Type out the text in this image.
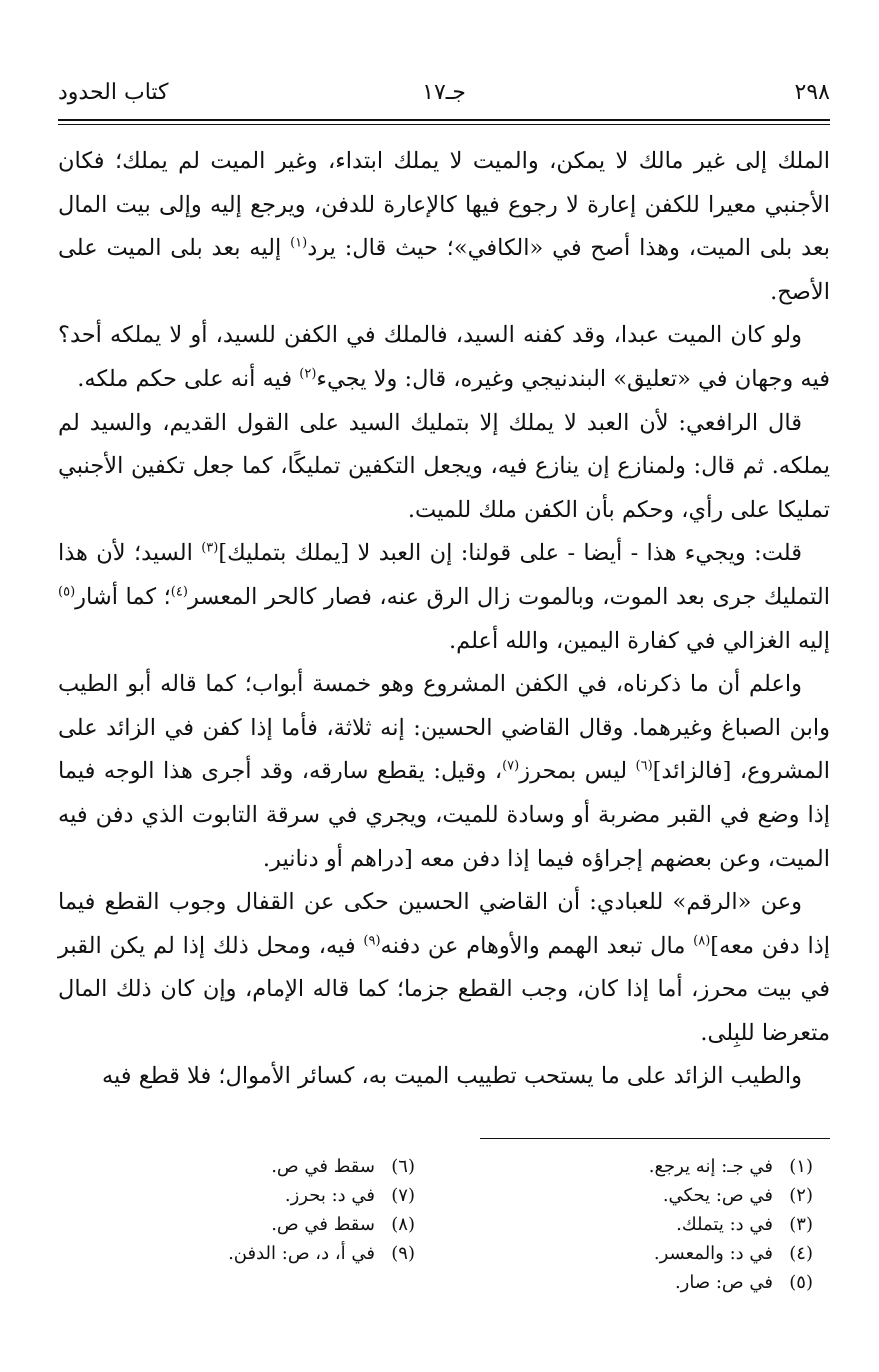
٢٩٨
جـ١٧
كتاب الحدود

الملك إلى غير مالك لا يمكن، والميت لا يملك ابتداء، وغير الميت لم يملك؛ فكان الأجنبي معيرا للكفن إعارة لا رجوع فيها كالإعارة للدفن، ويرجع إليه وإلى بيت المال بعد بلى الميت، وهذا أصح في «الكافي»؛ حيث قال: يرد$^{(١)}$ إليه بعد بلى الميت على الأصح.

ولو كان الميت عبدا، وقد كفنه السيد، فالملك في الكفن للسيد، أو لا يملكه أحد؟ فيه وجهان في «تعليق» البندنيجي وغيره، قال: ولا يجيء$^{(٢)}$ فيه أنه على حكم ملكه.

قال الرافعي: لأن العبد لا يملك إلا بتمليك السيد على القول القديم، والسيد لم يملكه. ثم قال: ولمنازع إن ينازع فيه، ويجعل التكفين تمليكًا، كما جعل تكفين الأجنبي تمليكا على رأي، وحكم بأن الكفن ملك للميت.

قلت: ويجيء هذا - أيضا - على قولنا: إن العبد لا [يملك بتمليك]$^{(٣)}$ السيد؛ لأن هذا التمليك جرى بعد الموت، وبالموت زال الرق عنه، فصار كالحر المعسر$^{(٤)}$؛ كما أشار$^{(٥)}$ إليه الغزالي في كفارة اليمين، والله أعلم.

واعلم أن ما ذكرناه، في الكفن المشروع وهو خمسة أبواب؛ كما قاله أبو الطيب وابن الصباغ وغيرهما. وقال القاضي الحسين: إنه ثلاثة، فأما إذا كفن في الزائد على المشروع، [فالزائد]$^{(٦)}$ ليس بمحرز$^{(٧)}$، وقيل: يقطع سارقه، وقد أجرى هذا الوجه فيما إذا وضع في القبر مضربة أو وسادة للميت، ويجري في سرقة التابوت الذي دفن فيه الميت، وعن بعضهم إجراؤه فيما إذا دفن معه [دراهم أو دنانير.

وعن «الرقم» للعبادي: أن القاضي الحسين حكى عن القفال وجوب القطع فيما إذا دفن معه]$^{(٨)}$ مال تبعد الهمم والأوهام عن دفنه$^{(٩)}$ فيه، ومحل ذلك إذا لم يكن القبر في بيت محرز، أما إذا كان، وجب القطع جزما؛ كما قاله الإمام، وإن كان ذلك المال متعرضا للبِلى.

والطيب الزائد على ما يستحب تطييب الميت به، كسائر الأموال؛ فلا قطع فيه

(١)في جـ: إنه يرجع.
(٢)في ص: يحكي.
(٣)في د: يتملك.
(٤)في د: والمعسر.
(٥)في ص: صار.
(٦)سقط في ص.
(٧)في د: بحرز.
(٨)سقط في ص.
(٩)في أ، د، ص: الدفن.
